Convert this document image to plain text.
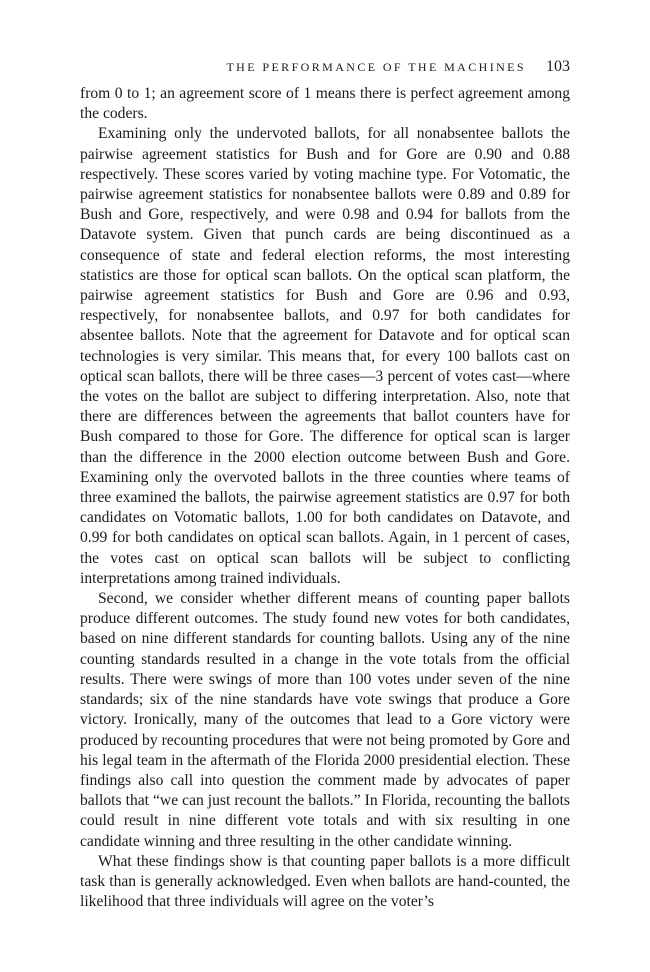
THE PERFORMANCE OF THE MACHINES 103

from 0 to 1; an agreement score of 1 means there is perfect agreement among the coders.

Examining only the undervoted ballots, for all nonabsentee ballots the pairwise agreement statistics for Bush and for Gore are 0.90 and 0.88 respectively. These scores varied by voting machine type. For Votomatic, the pairwise agreement statistics for nonabsentee ballots were 0.89 and 0.89 for Bush and Gore, respectively, and were 0.98 and 0.94 for ballots from the Datavote system. Given that punch cards are being discontinued as a consequence of state and federal election reforms, the most interesting statistics are those for optical scan ballots. On the optical scan platform, the pairwise agreement statistics for Bush and Gore are 0.96 and 0.93, respectively, for nonabsentee ballots, and 0.97 for both candidates for absentee ballots. Note that the agreement for Datavote and for optical scan technologies is very similar. This means that, for every 100 ballots cast on optical scan ballots, there will be three cases—3 percent of votes cast—where the votes on the ballot are subject to differing interpretation. Also, note that there are differences between the agreements that ballot counters have for Bush compared to those for Gore. The difference for optical scan is larger than the difference in the 2000 election outcome between Bush and Gore. Examining only the overvoted ballots in the three counties where teams of three examined the ballots, the pairwise agreement statistics are 0.97 for both candidates on Votomatic ballots, 1.00 for both candidates on Datavote, and 0.99 for both candidates on optical scan ballots. Again, in 1 percent of cases, the votes cast on optical scan ballots will be subject to conflicting interpretations among trained individuals.

Second, we consider whether different means of counting paper ballots produce different outcomes. The study found new votes for both candidates, based on nine different standards for counting ballots. Using any of the nine counting standards resulted in a change in the vote totals from the official results. There were swings of more than 100 votes under seven of the nine standards; six of the nine standards have vote swings that produce a Gore victory. Ironically, many of the outcomes that lead to a Gore victory were produced by recounting procedures that were not being promoted by Gore and his legal team in the aftermath of the Florida 2000 presidential election. These findings also call into question the comment made by advocates of paper ballots that “we can just recount the ballots.” In Florida, recounting the ballots could result in nine different vote totals and with six resulting in one candidate winning and three resulting in the other candidate winning.

What these findings show is that counting paper ballots is a more difficult task than is generally acknowledged. Even when ballots are hand-counted, the likelihood that three individuals will agree on the voter’s
